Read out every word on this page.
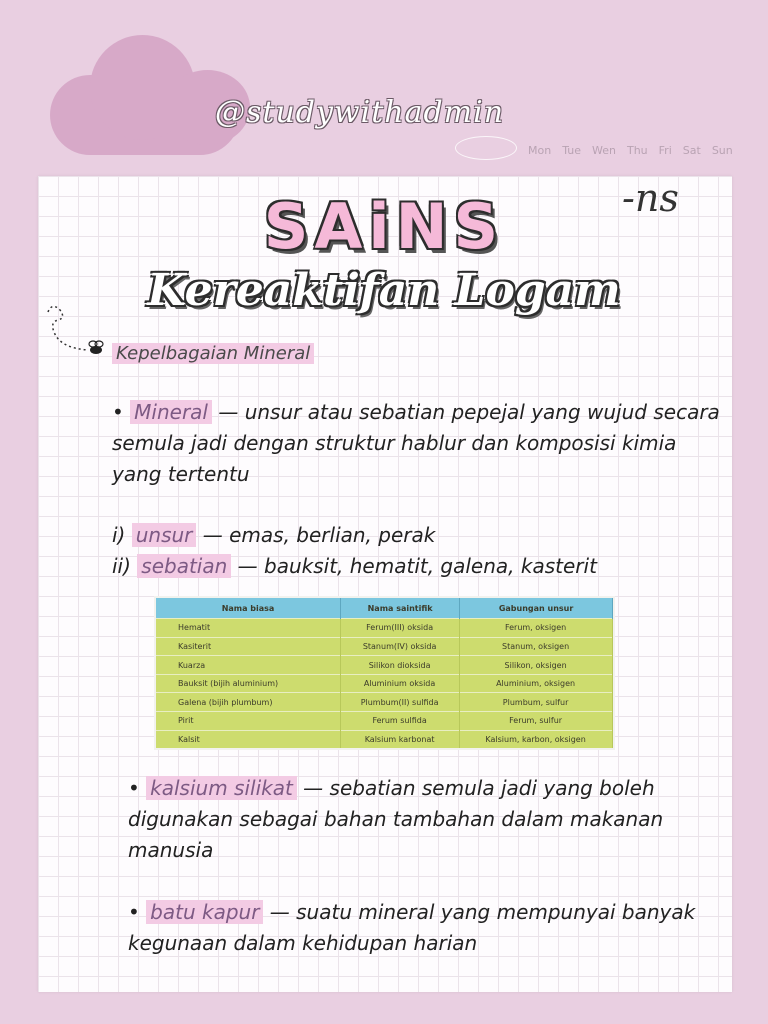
@studywithadmin
Mon Tue Wen Thu Fri Sat Sun
-ns
SAiNS
Kereaktifan Logam
Kepelbagaian Mineral
• Mineral — unsur atau sebatian pepejal yang wujud secara semula jadi dengan struktur hablur dan komposisi kimia yang tertentu
i) unsur — emas, berlian, perak
ii) sebatian — bauksit, hematit, galena, kasterit
Nama biasa	Nama saintifik	Gabungan unsur
Hematit	Ferum(III) oksida	Ferum, oksigen
Kasiterit	Stanum(IV) oksida	Stanum, oksigen
Kuarza	Silikon dioksida	Silikon, oksigen
Bauksit (bijih aluminium)	Aluminium oksida	Aluminium, oksigen
Galena (bijih plumbum)	Plumbum(II) sulfida	Plumbum, sulfur
Pirit	Ferum sulfida	Ferum, sulfur
Kalsit	Kalsium karbonat	Kalsium, karbon, oksigen
• kalsium silikat — sebatian semula jadi yang boleh digunakan sebagai bahan tambahan dalam makanan manusia
• batu kapur — suatu mineral yang mempunyai banyak kegunaan dalam kehidupan harian
